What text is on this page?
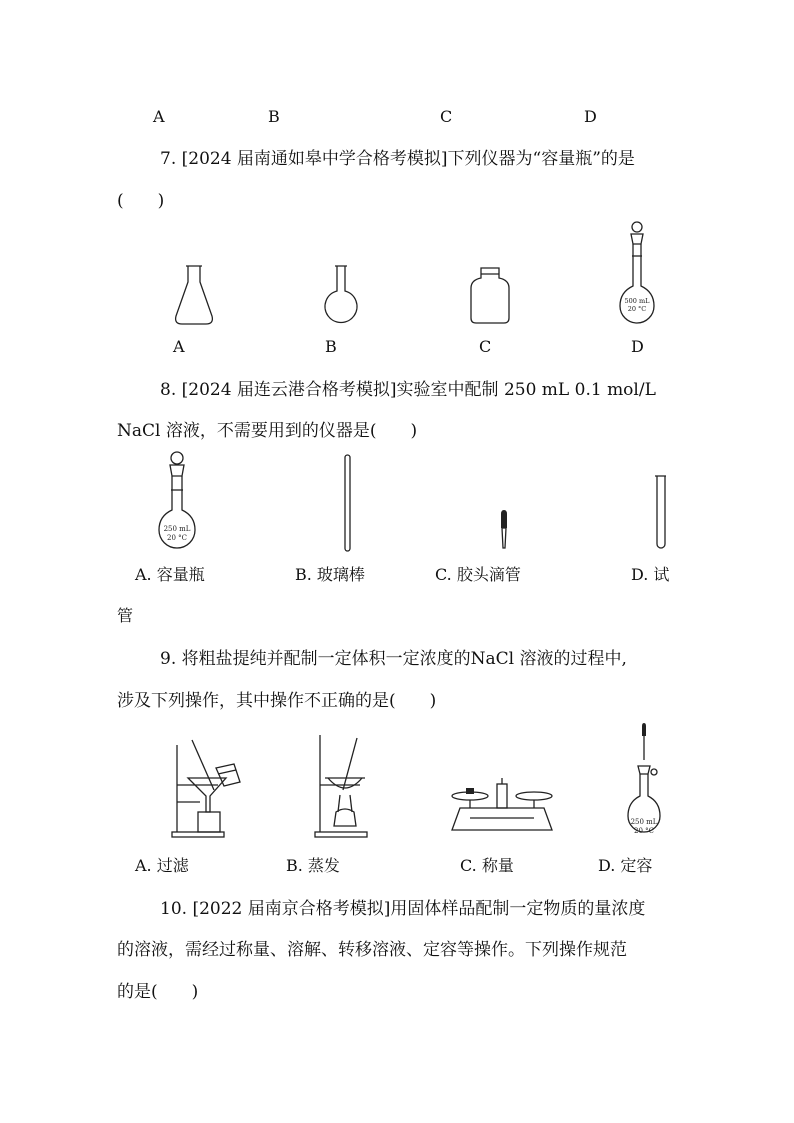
A	B	C	D
7. [2024 届南通如皋中学合格考模拟]下列仪器为“容量瓶”的是
(　　)
500 mL
20 °C
A	B	C	D
8. [2024 届连云港合格考模拟]实验室中配制 250 mL 0.1 mol/L
NaCl 溶液，不需要用到的仪器是(　　)
250 mL
20 °C
A. 容量瓶	B. 玻璃棒	C. 胶头滴管	D. 试
管
9. 将粗盐提纯并配制一定体积一定浓度的NaCl 溶液的过程中,
涉及下列操作，其中操作不正确的是(　　)
250 mL
20 °C
A. 过滤	B. 蒸发	C. 称量	D. 定容
10. [2022 届南京合格考模拟]用固体样品配制一定物质的量浓度
的溶液，需经过称量、溶解、转移溶液、定容等操作。下列操作规范
的是(　　)
